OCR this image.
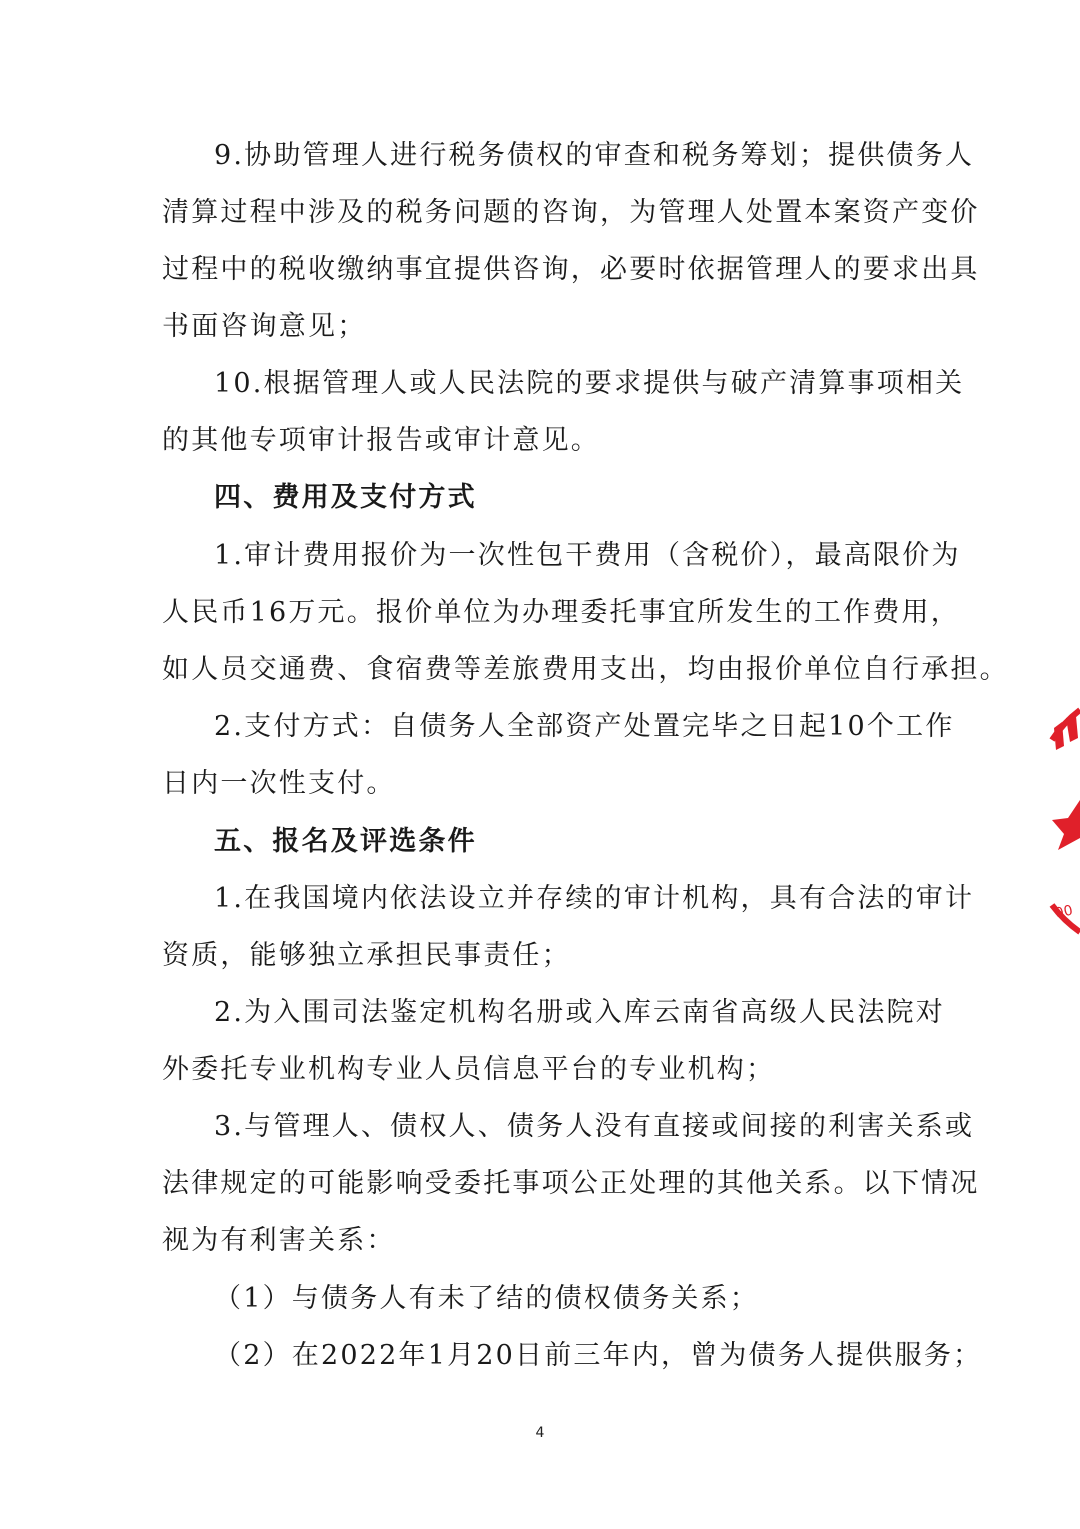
9.协助管理人进行税务债权的审查和税务筹划；提供债务人
清算过程中涉及的税务问题的咨询，为管理人处置本案资产变价
过程中的税收缴纳事宜提供咨询，必要时依据管理人的要求出具
书面咨询意见；
10.根据管理人或人民法院的要求提供与破产清算事项相关
的其他专项审计报告或审计意见。
四、费用及支付方式
1.审计费用报价为一次性包干费用（含税价），最高限价为
人民币16万元。报价单位为办理委托事宜所发生的工作费用，
如人员交通费、食宿费等差旅费用支出，均由报价单位自行承担。
2.支付方式：自债务人全部资产处置完毕之日起10个工作
日内一次性支付。
五、报名及评选条件
1.在我国境内依法设立并存续的审计机构，具有合法的审计
资质，能够独立承担民事责任；
2.为入围司法鉴定机构名册或入库云南省高级人民法院对
外委托专业机构专业人员信息平台的专业机构；
3.与管理人、债权人、债务人没有直接或间接的利害关系或
法律规定的可能影响受委托事项公正处理的其他关系。以下情况
视为有利害关系：
（1）与债务人有未了结的债权债务关系；
（2）在2022年1月20日前三年内，曾为债务人提供服务；
4
00
